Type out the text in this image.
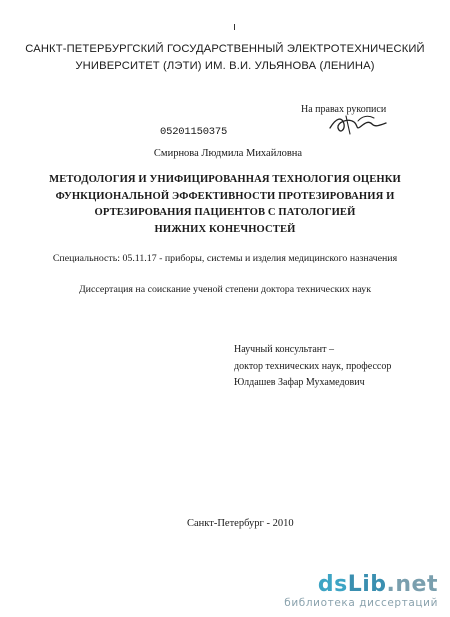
САНКТ-ПЕТЕРБУРГСКИЙ ГОСУДАРСТВЕННЫЙ ЭЛЕКТРОТЕХНИЧЕСКИЙ
УНИВЕРСИТЕТ (ЛЭТИ) ИМ. В.И. УЛЬЯНОВА (ЛЕНИНА)
На правах рукописи
05201150375
Смирнова Людмила Михайловна
МЕТОДОЛОГИЯ И УНИФИЦИРОВАННАЯ ТЕХНОЛОГИЯ ОЦЕНКИ
ФУНКЦИОНАЛЬНОЙ ЭФФЕКТИВНОСТИ ПРОТЕЗИРОВАНИЯ И
ОРТЕЗИРОВАНИЯ ПАЦИЕНТОВ С ПАТОЛОГИЕЙ
НИЖНИХ КОНЕЧНОСТЕЙ
Специальность: 05.11.17 - приборы, системы и изделия медицинского назначения
Диссертация на соискание ученой степени доктора технических наук
Научный консультант –
доктор технических наук, профессор
Юлдашев Зафар Мухамедович
Санкт-Петербург - 2010
dsLib.net
библиотека диссертаций
